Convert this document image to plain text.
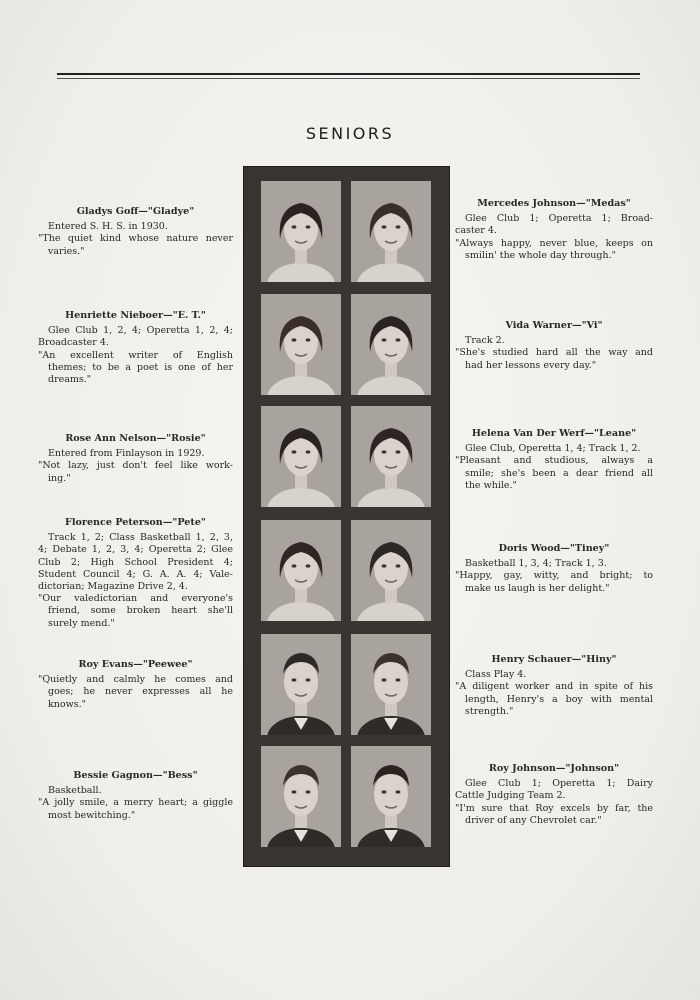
SENIORS
Gladys Goff—"Gladye"
Entered S. H. S. in 1930.
"The quiet kind whose nature never
varies."
Henriette Nieboer—"E. T."
Glee Club 1, 2, 4; Operetta 1, 2, 4;
Broadcaster 4.
"An excellent writer of English
themes; to be a poet is one of her
dreams."
Rose Ann Nelson—"Rosie"
Entered from Finlayson in 1929.
"Not lazy, just don't feel like work-
ing."
Florence Peterson—"Pete"
Track 1, 2; Class Basketball 1, 2, 3,
4; Debate 1, 2, 3, 4; Operetta 2; Glee
Club 2; High School President 4;
Student Council 4; G. A. A. 4; Vale-
dictorian; Magazine Drive 2, 4.
"Our valedictorian and everyone's
friend, some broken heart she'll
surely mend."
Roy Evans—"Peewee"
"Quietly and calmly he comes and
goes; he never expresses all he
knows."
Bessie Gagnon—"Bess"
Basketball.
"A jolly smile, a merry heart; a giggle
most bewitching."
Mercedes Johnson—"Medas"
Glee Club 1; Operetta 1; Broad-
caster 4.
"Always happy, never blue, keeps on
smilin' the whole day through."
Vida Warner—"Vi"
Track 2.
"She's studied hard all the way and
had her lessons every day."
Helena Van Der Werf—"Leane"
Glee Club, Operetta 1, 4; Track 1, 2.
"Pleasant and studious, always a
smile; she's been a dear friend all
the while."
Doris Wood—"Tiney"
Basketball 1, 3, 4; Track 1, 3.
"Happy, gay, witty, and bright; to
make us laugh is her delight."
Henry Schauer—"Hiny"
Class Play 4.
"A diligent worker and in spite of his
length, Henry's a boy with mental
strength."
Roy Johnson—"Johnson"
Glee Club 1; Operetta 1; Dairy
Cattle Judging Team 2.
"I'm sure that Roy excels by far, the
driver of any Chevrolet car."
